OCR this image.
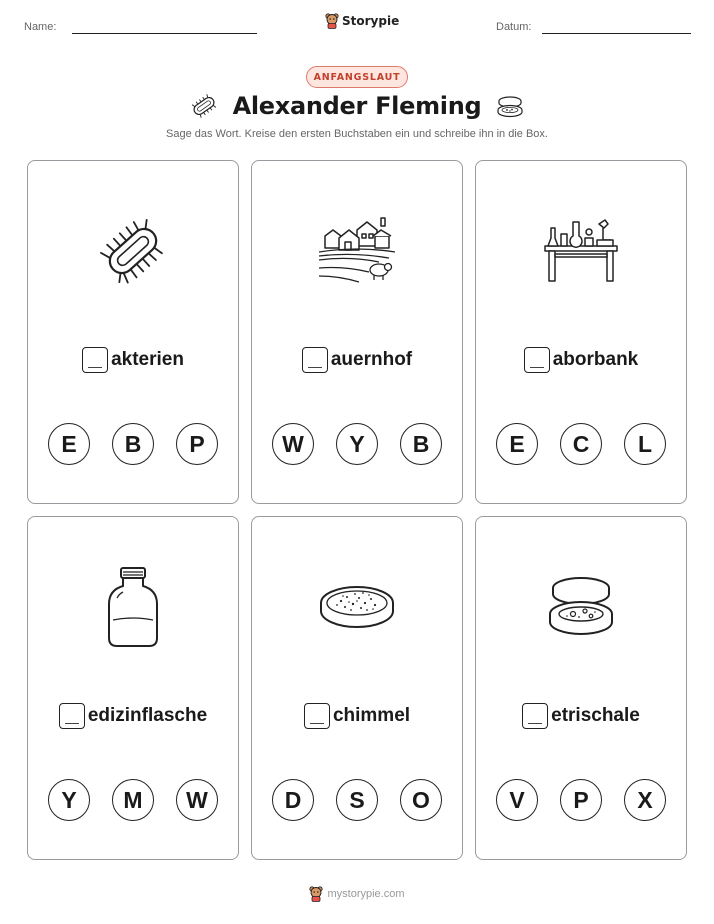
Name:	Storypie	Datum:
ANFANGSLAUT
Alexander Fleming

Sage das Wort. Kreise den ersten Buchstaben ein und schreibe ihn in die Box.

akterien
E	B	P
auernhof
W	Y	B
aborbank
E	C	L
edizinflasche
Y	M	W
chimmel
D	S	O
etrischale
V	P	X
mystorypie.com
